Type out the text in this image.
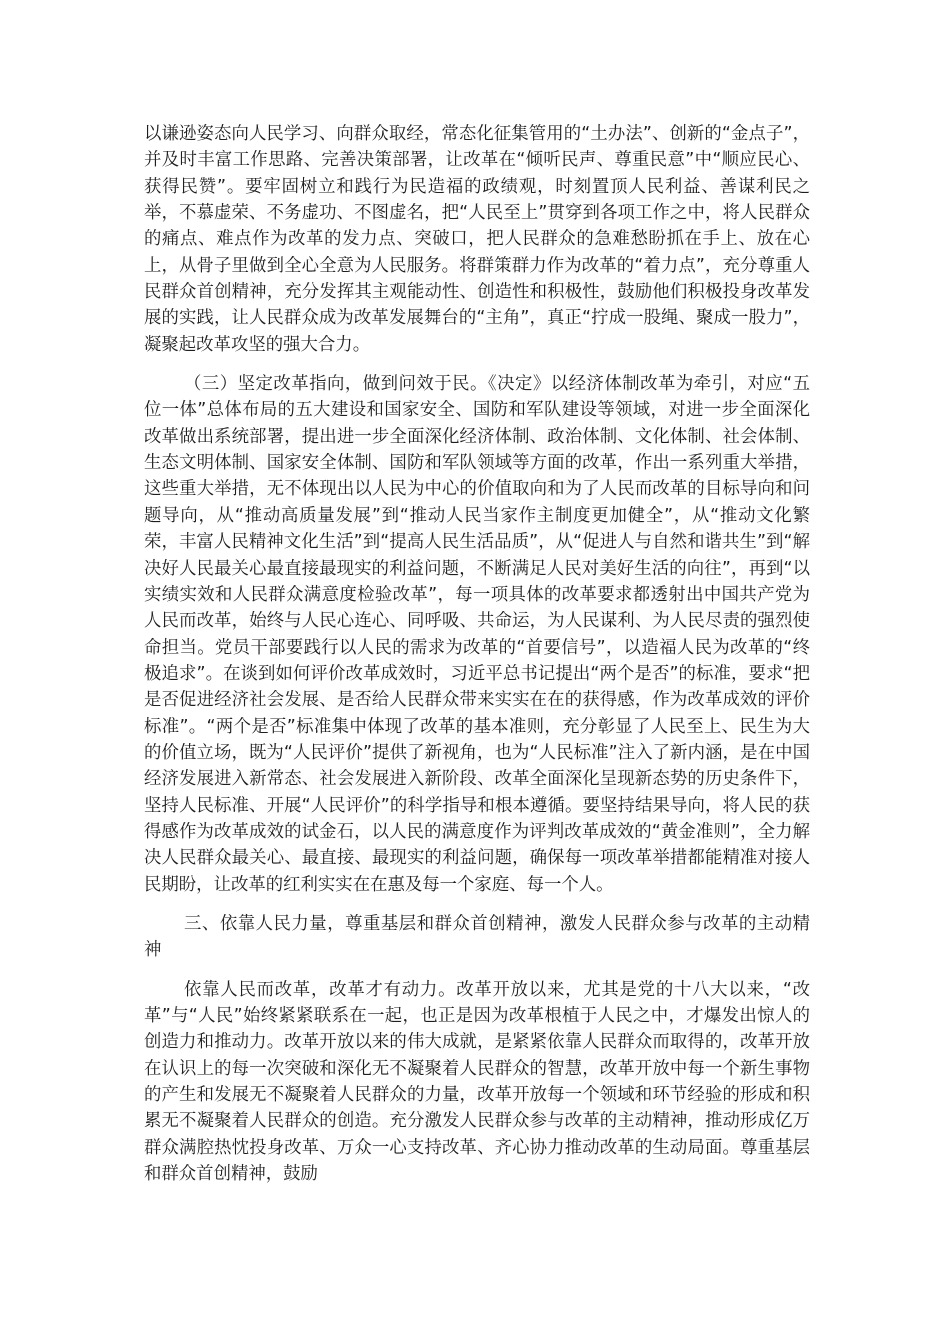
以谦逊姿态向人民学习、向群众取经，常态化征集管用的“土办法”、创新的“金点子”，并及时丰富工作思路、完善决策部署，让改革在“倾听民声、尊重民意”中“顺应民心、获得民赞”。要牢固树立和践行为民造福的政绩观，时刻置顶人民利益、善谋利民之举，不慕虚荣、不务虚功、不图虚名，把“人民至上”贯穿到各项工作之中，将人民群众的痛点、难点作为改革的发力点、突破口，把人民群众的急难愁盼抓在手上、放在心上，从骨子里做到全心全意为人民服务。将群策群力作为改革的“着力点”，充分尊重人民群众首创精神，充分发挥其主观能动性、创造性和积极性，鼓励他们积极投身改革发展的实践，让人民群众成为改革发展舞台的“主角”，真正“拧成一股绳、聚成一股力”，凝聚起改革攻坚的强大合力。

（三）坚定改革指向，做到问效于民。《决定》以经济体制改革为牵引，对应“五位一体”总体布局的五大建设和国家安全、国防和军队建设等领域，对进一步全面深化改革做出系统部署，提出进一步全面深化经济体制、政治体制、文化体制、社会体制、生态文明体制、国家安全体制、国防和军队领域等方面的改革，作出一系列重大举措，这些重大举措，无不体现出以人民为中心的价值取向和为了人民而改革的目标导向和问题导向，从“推动高质量发展”到“推动人民当家作主制度更加健全”，从“推动文化繁荣，丰富人民精神文化生活”到“提高人民生活品质”，从“促进人与自然和谐共生”到“解决好人民最关心最直接最现实的利益问题，不断满足人民对美好生活的向往”，再到“以实绩实效和人民群众满意度检验改革”，每一项具体的改革要求都透射出中国共产党为人民而改革，始终与人民心连心、同呼吸、共命运，为人民谋利、为人民尽责的强烈使命担当。党员干部要践行以人民的需求为改革的“首要信号”，以造福人民为改革的“终极追求”。在谈到如何评价改革成效时，习近平总书记提出“两个是否”的标准，要求“把是否促进经济社会发展、是否给人民群众带来实实在在的获得感，作为改革成效的评价标准”。“两个是否”标准集中体现了改革的基本准则，充分彰显了人民至上、民生为大的价值立场，既为“人民评价”提供了新视角，也为“人民标准”注入了新内涵，是在中国经济发展进入新常态、社会发展进入新阶段、改革全面深化呈现新态势的历史条件下，坚持人民标准、开展“人民评价”的科学指导和根本遵循。要坚持结果导向，将人民的获得感作为改革成效的试金石，以人民的满意度作为评判改革成效的“黄金准则”，全力解决人民群众最关心、最直接、最现实的利益问题，确保每一项改革举措都能精准对接人民期盼，让改革的红利实实在在惠及每一个家庭、每一个人。

三、依靠人民力量，尊重基层和群众首创精神，激发人民群众参与改革的主动精神

依靠人民而改革，改革才有动力。改革开放以来，尤其是党的十八大以来，“改革”与“人民”始终紧紧联系在一起，也正是因为改革根植于人民之中，才爆发出惊人的创造力和推动力。改革开放以来的伟大成就，是紧紧依靠人民群众而取得的，改革开放在认识上的每一次突破和深化无不凝聚着人民群众的智慧，改革开放中每一个新生事物的产生和发展无不凝聚着人民群众的力量，改革开放每一个领域和环节经验的形成和积累无不凝聚着人民群众的创造。充分激发人民群众参与改革的主动精神，推动形成亿万群众满腔热忱投身改革、万众一心支持改革、齐心协力推动改革的生动局面。尊重基层和群众首创精神，鼓励
